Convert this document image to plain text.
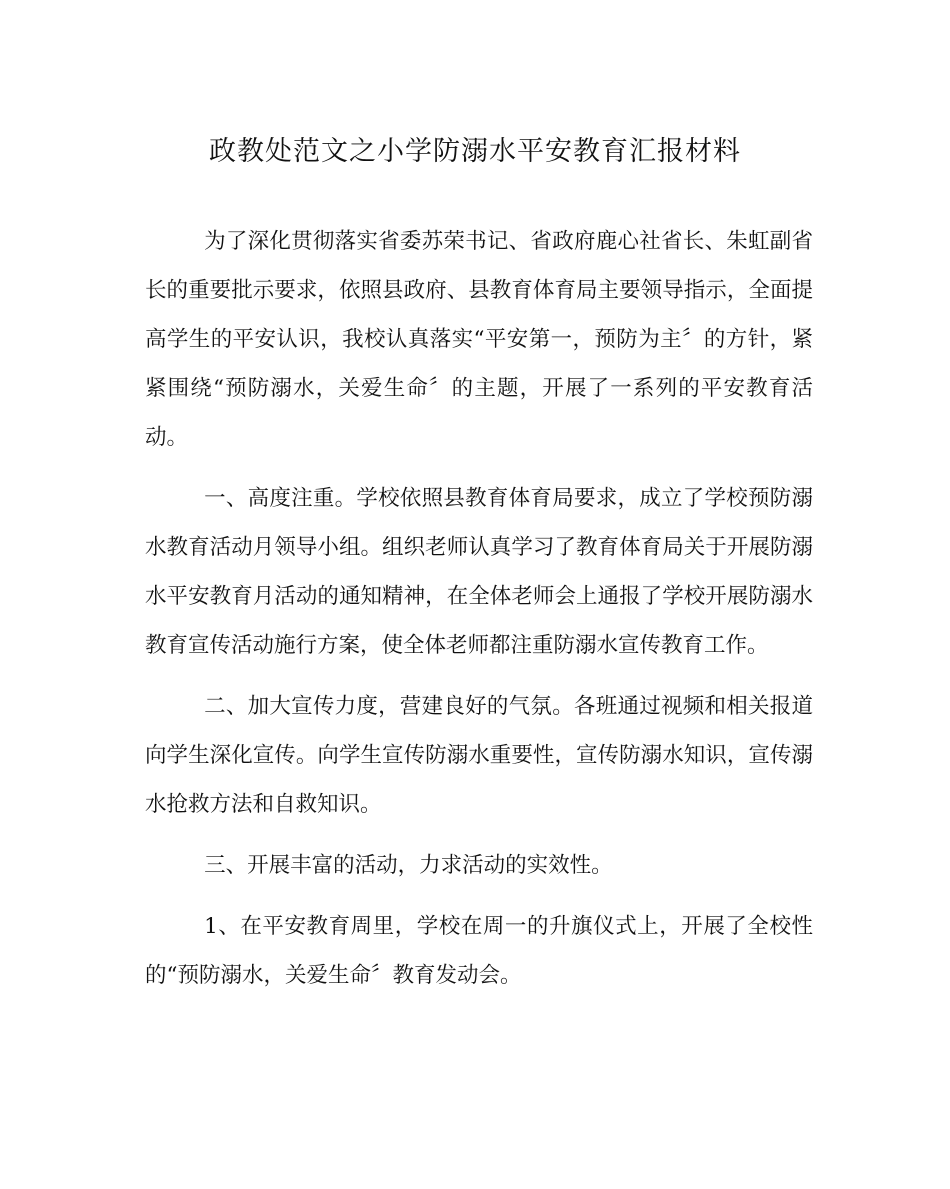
政教处范文之小学防溺水平安教育汇报材料

为了深化贯彻落实省委苏荣书记、省政府鹿心社省长、朱虹副省长的重要批示要求，依照县政府、县教育体育局主要领导指示，全面提高学生的平安认识，我校认真落实“平安第一，预防为主〞的方针，紧紧围绕“预防溺水，关爱生命〞的主题，开展了一系列的平安教育活动。

一、高度注重。学校依照县教育体育局要求，成立了学校预防溺水教育活动月领导小组。组织老师认真学习了教育体育局关于开展防溺水平安教育月活动的通知精神，在全体老师会上通报了学校开展防溺水教育宣传活动施行方案，使全体老师都注重防溺水宣传教育工作。

二、加大宣传力度，营建良好的气氛。各班通过视频和相关报道向学生深化宣传。向学生宣传防溺水重要性，宣传防溺水知识，宣传溺水抢救方法和自救知识。

三、开展丰富的活动，力求活动的实效性。

1、在平安教育周里，学校在周一的升旗仪式上，开展了全校性的“预防溺水，关爱生命〞教育发动会。
